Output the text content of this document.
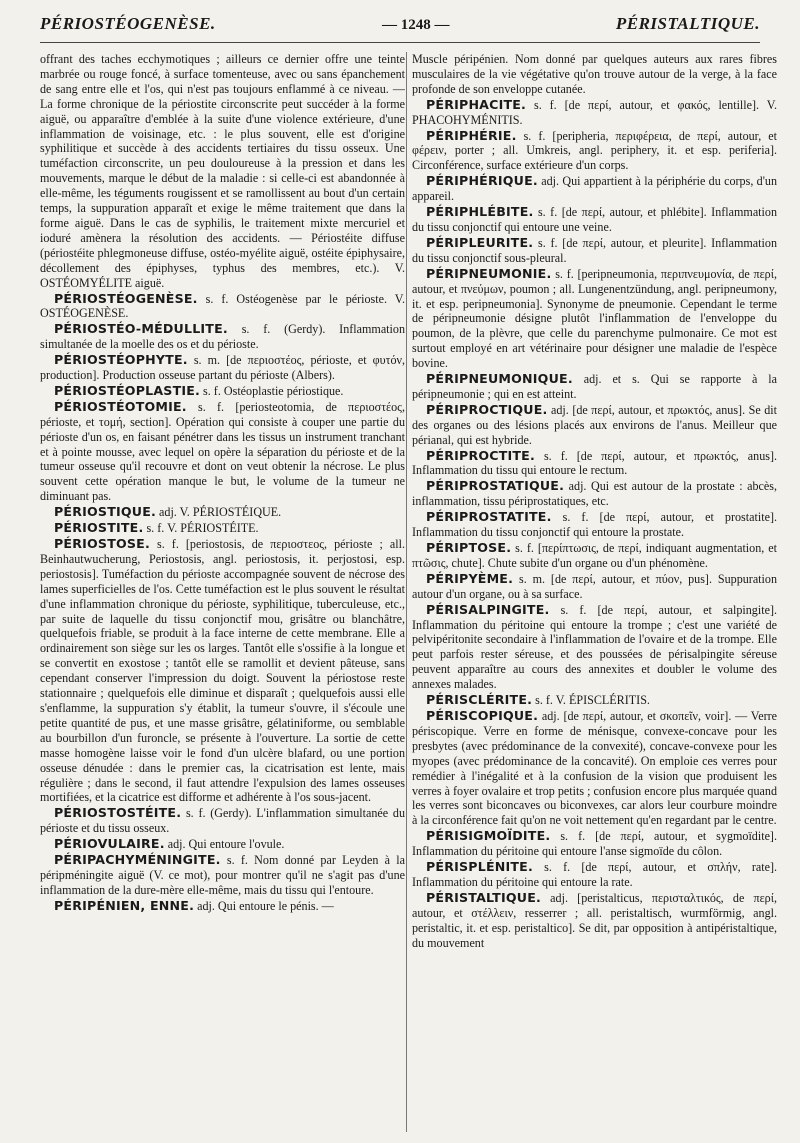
PÉRIOSTÉOGENÈSE.	— 1248 —	PÉRISTALTIQUE.

offrant des taches ecchymotiques ; ailleurs ce dernier offre une teinte marbrée ou rouge foncé, à surface tomenteuse, avec ou sans épanchement de sang entre elle et l'os, qui n'est pas toujours enflammé à ce niveau. — La forme chronique de la périostite circonscrite peut succéder à la forme aiguë, ou apparaître d'emblée à la suite d'une violence extérieure, d'une inflammation de voisinage, etc. : le plus souvent, elle est d'origine syphilitique et succède à des accidents tertiaires du tissu osseux. Une tuméfaction circonscrite, un peu douloureuse à la pression et dans les mouvements, marque le début de la maladie : si celle-ci est abandonnée à elle-même, les téguments rougissent et se ramollissent au bout d'un certain temps, la suppuration apparaît et exige le même traitement que dans la forme aiguë. Dans le cas de syphilis, le traitement mixte mercuriel et ioduré amènera la résolution des accidents. — Périostéite diffuse (périostéite phlegmoneuse diffuse, ostéo-myélite aiguë, ostéite épiphysaire, décollement des épiphyses, typhus des membres, etc.). V. OSTÉOMYÉLITE aiguë.

PÉRIOSTÉOGENÈSE. s. f. Ostéogenèse par le périoste. V. OSTÉOGENÈSE.

PÉRIOSTÉO-MÉDULLITE. s. f. (Gerdy). Inflammation simultanée de la moelle des os et du périoste.

PÉRIOSTÉOPHYTE. s. m. [de περιοστέος, périoste, et φυτόν, production]. Production osseuse partant du périoste (Albers).

PÉRIOSTÉOPLASTIE. s. f. Ostéoplastie périostique.

PÉRIOSTÉOTOMIE. s. f. [periosteotomia, de περιοστέος, périoste, et τομή, section]. Opération qui consiste à couper une partie du périoste d'un os, en faisant pénétrer dans les tissus un instrument tranchant et à pointe mousse, avec lequel on opère la séparation du périoste et de la tumeur osseuse qu'il recouvre et dont on veut obtenir la nécrose. Le plus souvent cette opération manque le but, le volume de la tumeur ne diminuant pas.

PÉRIOSTIQUE. adj. V. PÉRIOSTÉIQUE.

PÉRIOSTITE. s. f. V. PÉRIOSTÉITE.

PÉRIOSTOSE. s. f. [periostosis, de περιοστεος, périoste ; all. Beinhautwucherung, Periostosis, angl. periostosis, it. perjostosi, esp. periostosis]. Tuméfaction du périoste accompagnée souvent de nécrose des lames superficielles de l'os. Cette tuméfaction est le plus souvent le résultat d'une inflammation chronique du périoste, syphilitique, tuberculeuse, etc., par suite de laquelle du tissu conjonctif mou, grisâtre ou blanchâtre, quelquefois friable, se produit à la face interne de cette membrane. Elle a ordinairement son siège sur les os larges. Tantôt elle s'ossifie à la longue et se convertit en exostose ; tantôt elle se ramollit et devient pâteuse, sans cependant conserver l'impression du doigt. Souvent la périostose reste stationnaire ; quelquefois elle diminue et disparaît ; quelquefois aussi elle s'enflamme, la suppuration s'y établit, la tumeur s'ouvre, il s'écoule une petite quantité de pus, et une masse grisâtre, gélatiniforme, ou semblable au bourbillon d'un furoncle, se présente à l'ouverture. La sortie de cette masse homogène laisse voir le fond d'un ulcère blafard, ou une portion osseuse dénudée : dans le premier cas, la cicatrisation est lente, mais régulière ; dans le second, il faut attendre l'expulsion des lames osseuses mortifiées, et la cicatrice est difforme et adhérente à l'os sous-jacent.

PÉRIOSTOSTÉITE. s. f. (Gerdy). L'inflammation simultanée du périoste et du tissu osseux.

PÉRIOVULAIRE. adj. Qui entoure l'ovule.

PÉRIPACHYMÉNINGITE. s. f. Nom donné par Leyden à la péripméningite aiguë (V. ce mot), pour montrer qu'il ne s'agit pas d'une inflammation de la dure-mère elle-même, mais du tissu qui l'entoure.

PÉRIPÉNIEN, ENNE. adj. Qui entoure le pénis. —

Muscle péripénien. Nom donné par quelques auteurs aux rares fibres musculaires de la vie végétative qu'on trouve autour de la verge, à la face profonde de son enveloppe cutanée.

PÉRIPHACITE. s. f. [de περί, autour, et φακός, lentille]. V. PHACOHYMÉNITIS.

PÉRIPHÉRIE. s. f. [peripheria, περιφέρεια, de περί, autour, et φέρειν, porter ; all. Umkreis, angl. periphery, it. et esp. periferia]. Circonférence, surface extérieure d'un corps.

PÉRIPHÉRIQUE. adj. Qui appartient à la périphérie du corps, d'un appareil.

PÉRIPHLÉBITE. s. f. [de περί, autour, et phlébite]. Inflammation du tissu conjonctif qui entoure une veine.

PÉRIPLEURITE. s. f. [de περί, autour, et pleurite]. Inflammation du tissu conjonctif sous-pleural.

PÉRIPNEUMONIE. s. f. [peripneumonia, περιπνευμονία, de περί, autour, et πνεύμων, poumon ; all. Lungenentzündung, angl. peripneumony, it. et esp. peripneumonia]. Synonyme de pneumonie. Cependant le terme de péripneumonie désigne plutôt l'inflammation de l'enveloppe du poumon, de la plèvre, que celle du parenchyme pulmonaire. Ce mot est surtout employé en art vétérinaire pour désigner une maladie de l'espèce bovine.

PÉRIPNEUMONIQUE. adj. et s. Qui se rapporte à la péripneumonie ; qui en est atteint.

PÉRIPROCTIQUE. adj. [de περί, autour, et πρωκτός, anus]. Se dit des organes ou des lésions placés aux environs de l'anus. Meilleur que périanal, qui est hybride.

PÉRIPROCTITE. s. f. [de περί, autour, et πρωκτός, anus]. Inflammation du tissu qui entoure le rectum.

PÉRIPROSTATIQUE. adj. Qui est autour de la prostate : abcès, inflammation, tissu périprostatiques, etc.

PÉRIPROSTATITE. s. f. [de περί, autour, et prostatite]. Inflammation du tissu conjonctif qui entoure la prostate.

PÉRIPTOSE. s. f. [περίπτωσις, de περί, indiquant augmentation, et πτῶσις, chute]. Chute subite d'un organe ou d'un phénomène.

PÉRIPYÈME. s. m. [de περί, autour, et πύον, pus]. Suppuration autour d'un organe, ou à sa surface.

PÉRISALPINGITE. s. f. [de περί, autour, et salpingite]. Inflammation du péritoine qui entoure la trompe ; c'est une variété de pelvipéritonite secondaire à l'inflammation de l'ovaire et de la trompe. Elle peut parfois rester séreuse, et des poussées de périsalpingite séreuse peuvent apparaître au cours des annexites et doubler le volume des annexes malades.

PÉRISCLÉRITE. s. f. V. ÉPISCLÉRITIS.

PÉRISCOPIQUE. adj. [de περί, autour, et σκοπεῖν, voir]. — Verre périscopique. Verre en forme de ménisque, convexe-concave pour les presbytes (avec prédominance de la convexité), concave-convexe pour les myopes (avec prédominance de la concavité). On emploie ces verres pour remédier à l'inégalité et à la confusion de la vision que produisent les verres à foyer ovalaire et trop petits ; confusion encore plus marquée quand les verres sont biconcaves ou biconvexes, car alors leur courbure moindre à la circonférence fait qu'on ne voit nettement qu'en regardant par le centre.

PÉRISIGMOÏDITE. s. f. [de περί, autour, et sygmoïdite]. Inflammation du péritoine qui entoure l'anse sigmoïde du côlon.

PÉRISPLÉNITE. s. f. [de περί, autour, et σπλήν, rate]. Inflammation du péritoine qui entoure la rate.

PÉRISTALTIQUE. adj. [peristalticus, περισταλτικός, de περί, autour, et στέλλειν, resserrer ; all. peristaltisch, wurmförmig, angl. peristaltic, it. et esp. peristaltico]. Se dit, par opposition à antipéristaltique, du mouvement
